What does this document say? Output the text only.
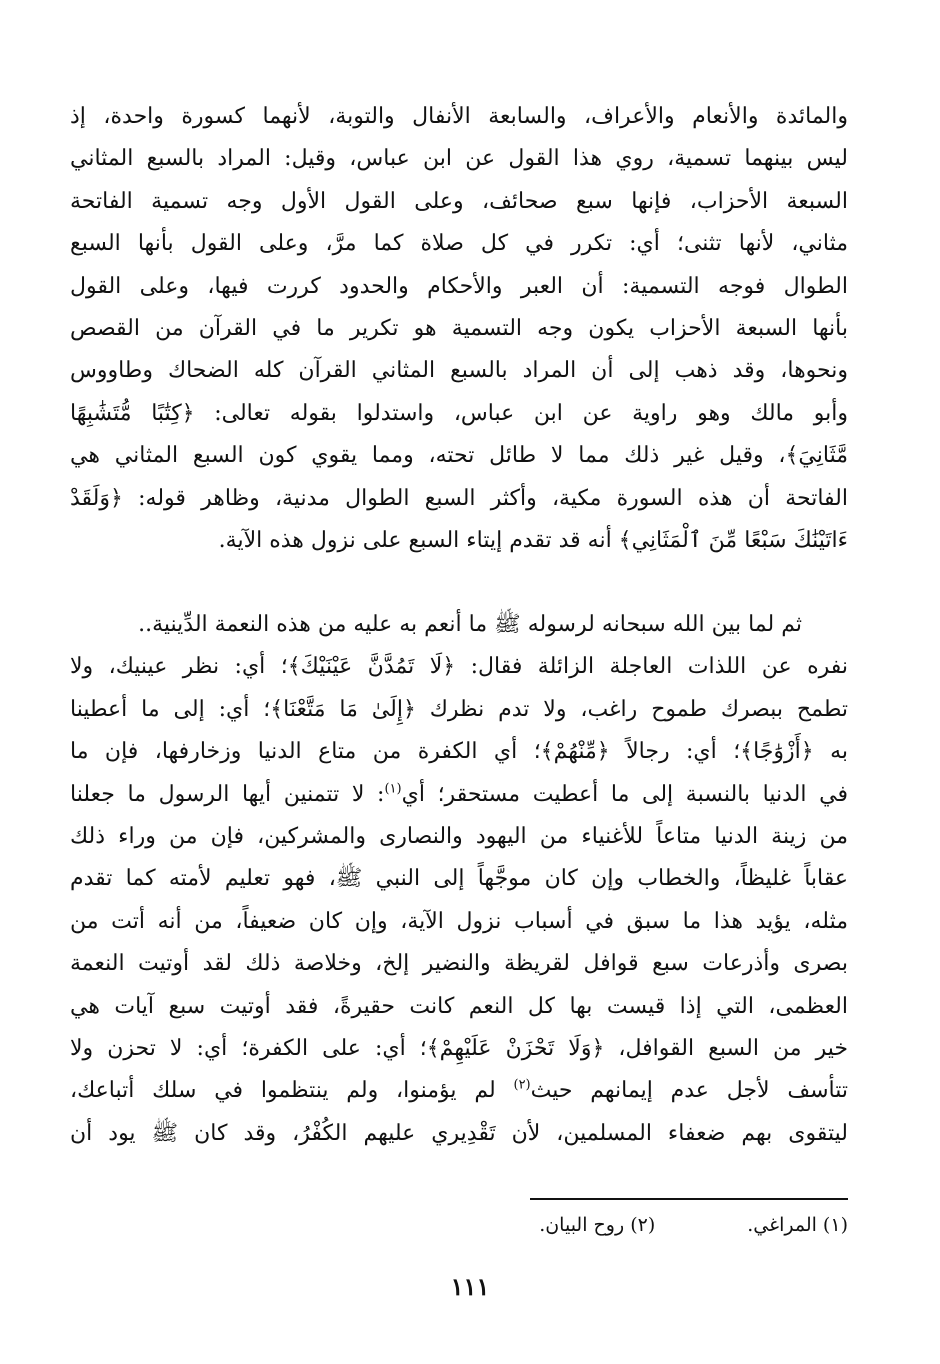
والمائدة والأنعام والأعراف، والسابعة الأنفال والتوبة، لأنهما كسورة واحدة، إذ
ليس بينهما تسمية، روي هذا القول عن ابن عباس، وقيل: المراد بالسبع المثاني
السبعة الأحزاب، فإنها سبع صحائف، وعلى القول الأول وجه تسمية الفاتحة
مثاني، لأنها تثنى؛ أي: تكرر في كل صلاة كما مرَّ، وعلى القول بأنها السبع
الطوال فوجه التسمية: أن العبر والأحكام والحدود كررت فيها، وعلى القول
بأنها السبعة الأحزاب يكون وجه التسمية هو تكرير ما في القرآن من القصص
ونحوها، وقد ذهب إلى أن المراد بالسبع المثاني القرآن كله الضحاك وطاووس
وأبو مالك وهو راوية عن ابن عباس، واستدلوا بقوله تعالى: ﴿كِتَٰبًا مُّتَشَٰبِهًا
مَّثَانِيَ﴾، وقيل غير ذلك مما لا طائل تحته، ومما يقوي كون السبع المثاني هي
الفاتحة أن هذه السورة مكية، وأكثر السبع الطوال مدنية، وظاهر قوله: ﴿وَلَقَدْ
ءَاتَيْنَٰكَ سَبْعًا مِّنَ ٱلْمَثَانِي﴾ أنه قد تقدم إيتاء السبع على نزول هذه الآية.
ثم لما بين الله سبحانه لرسوله ﷺ ما أنعم به عليه من هذه النعمة الدِّينية..
نفره عن اللذات العاجلة الزائلة فقال: ﴿لَا تَمُدَّنَّ عَيْنَيْكَ﴾؛ أي: نظر عينيك، ولا
تطمح ببصرك طموح راغب، ولا تدم نظرك ﴿إِلَىٰ مَا مَتَّعْنَا﴾؛ أي: إلى ما أعطينا
به ﴿أَزْوَٰجًا﴾؛ أي: رجالاً ﴿مِّنْهُمْ﴾؛ أي الكفرة من متاع الدنيا وزخارفها، فإن ما
في الدنيا بالنسبة إلى ما أعطيت مستحقر؛ أي$^{(١)}$: لا تتمنين أيها الرسول ما جعلنا
من زينة الدنيا متاعاً للأغنياء من اليهود والنصارى والمشركين، فإن من وراء ذلك
عقاباً غليظاً، والخطاب وإن كان موجَّهاً إلى النبي ﷺ، فهو تعليم لأمته كما تقدم
مثله، يؤيد هذا ما سبق في أسباب نزول الآية، وإن كان ضعيفاً، من أنه أتت من
بصرى وأذرعات سبع قوافل لقريظة والنضير إلخ، وخلاصة ذلك لقد أوتيت النعمة
العظمى، التي إذا قيست بها كل النعم كانت حقيرةً، فقد أوتيت سبع آيات هي
خير من السبع القوافل، ﴿وَلَا تَحْزَنْ عَلَيْهِمْ﴾؛ أي: على الكفرة؛ أي: لا تحزن ولا
تتأسف لأجل عدم إيمانهم حيث$^{(٢)}$ لم يؤمنوا، ولم ينتظموا في سلك أتباعك،
ليتقوى بهم ضعفاء المسلمين، لأن تَقْدِيري عليهم الكُفْرُ، وقد كان ﷺ يود أن
(١) المراغي.
(٢) روح البيان.
١١١
